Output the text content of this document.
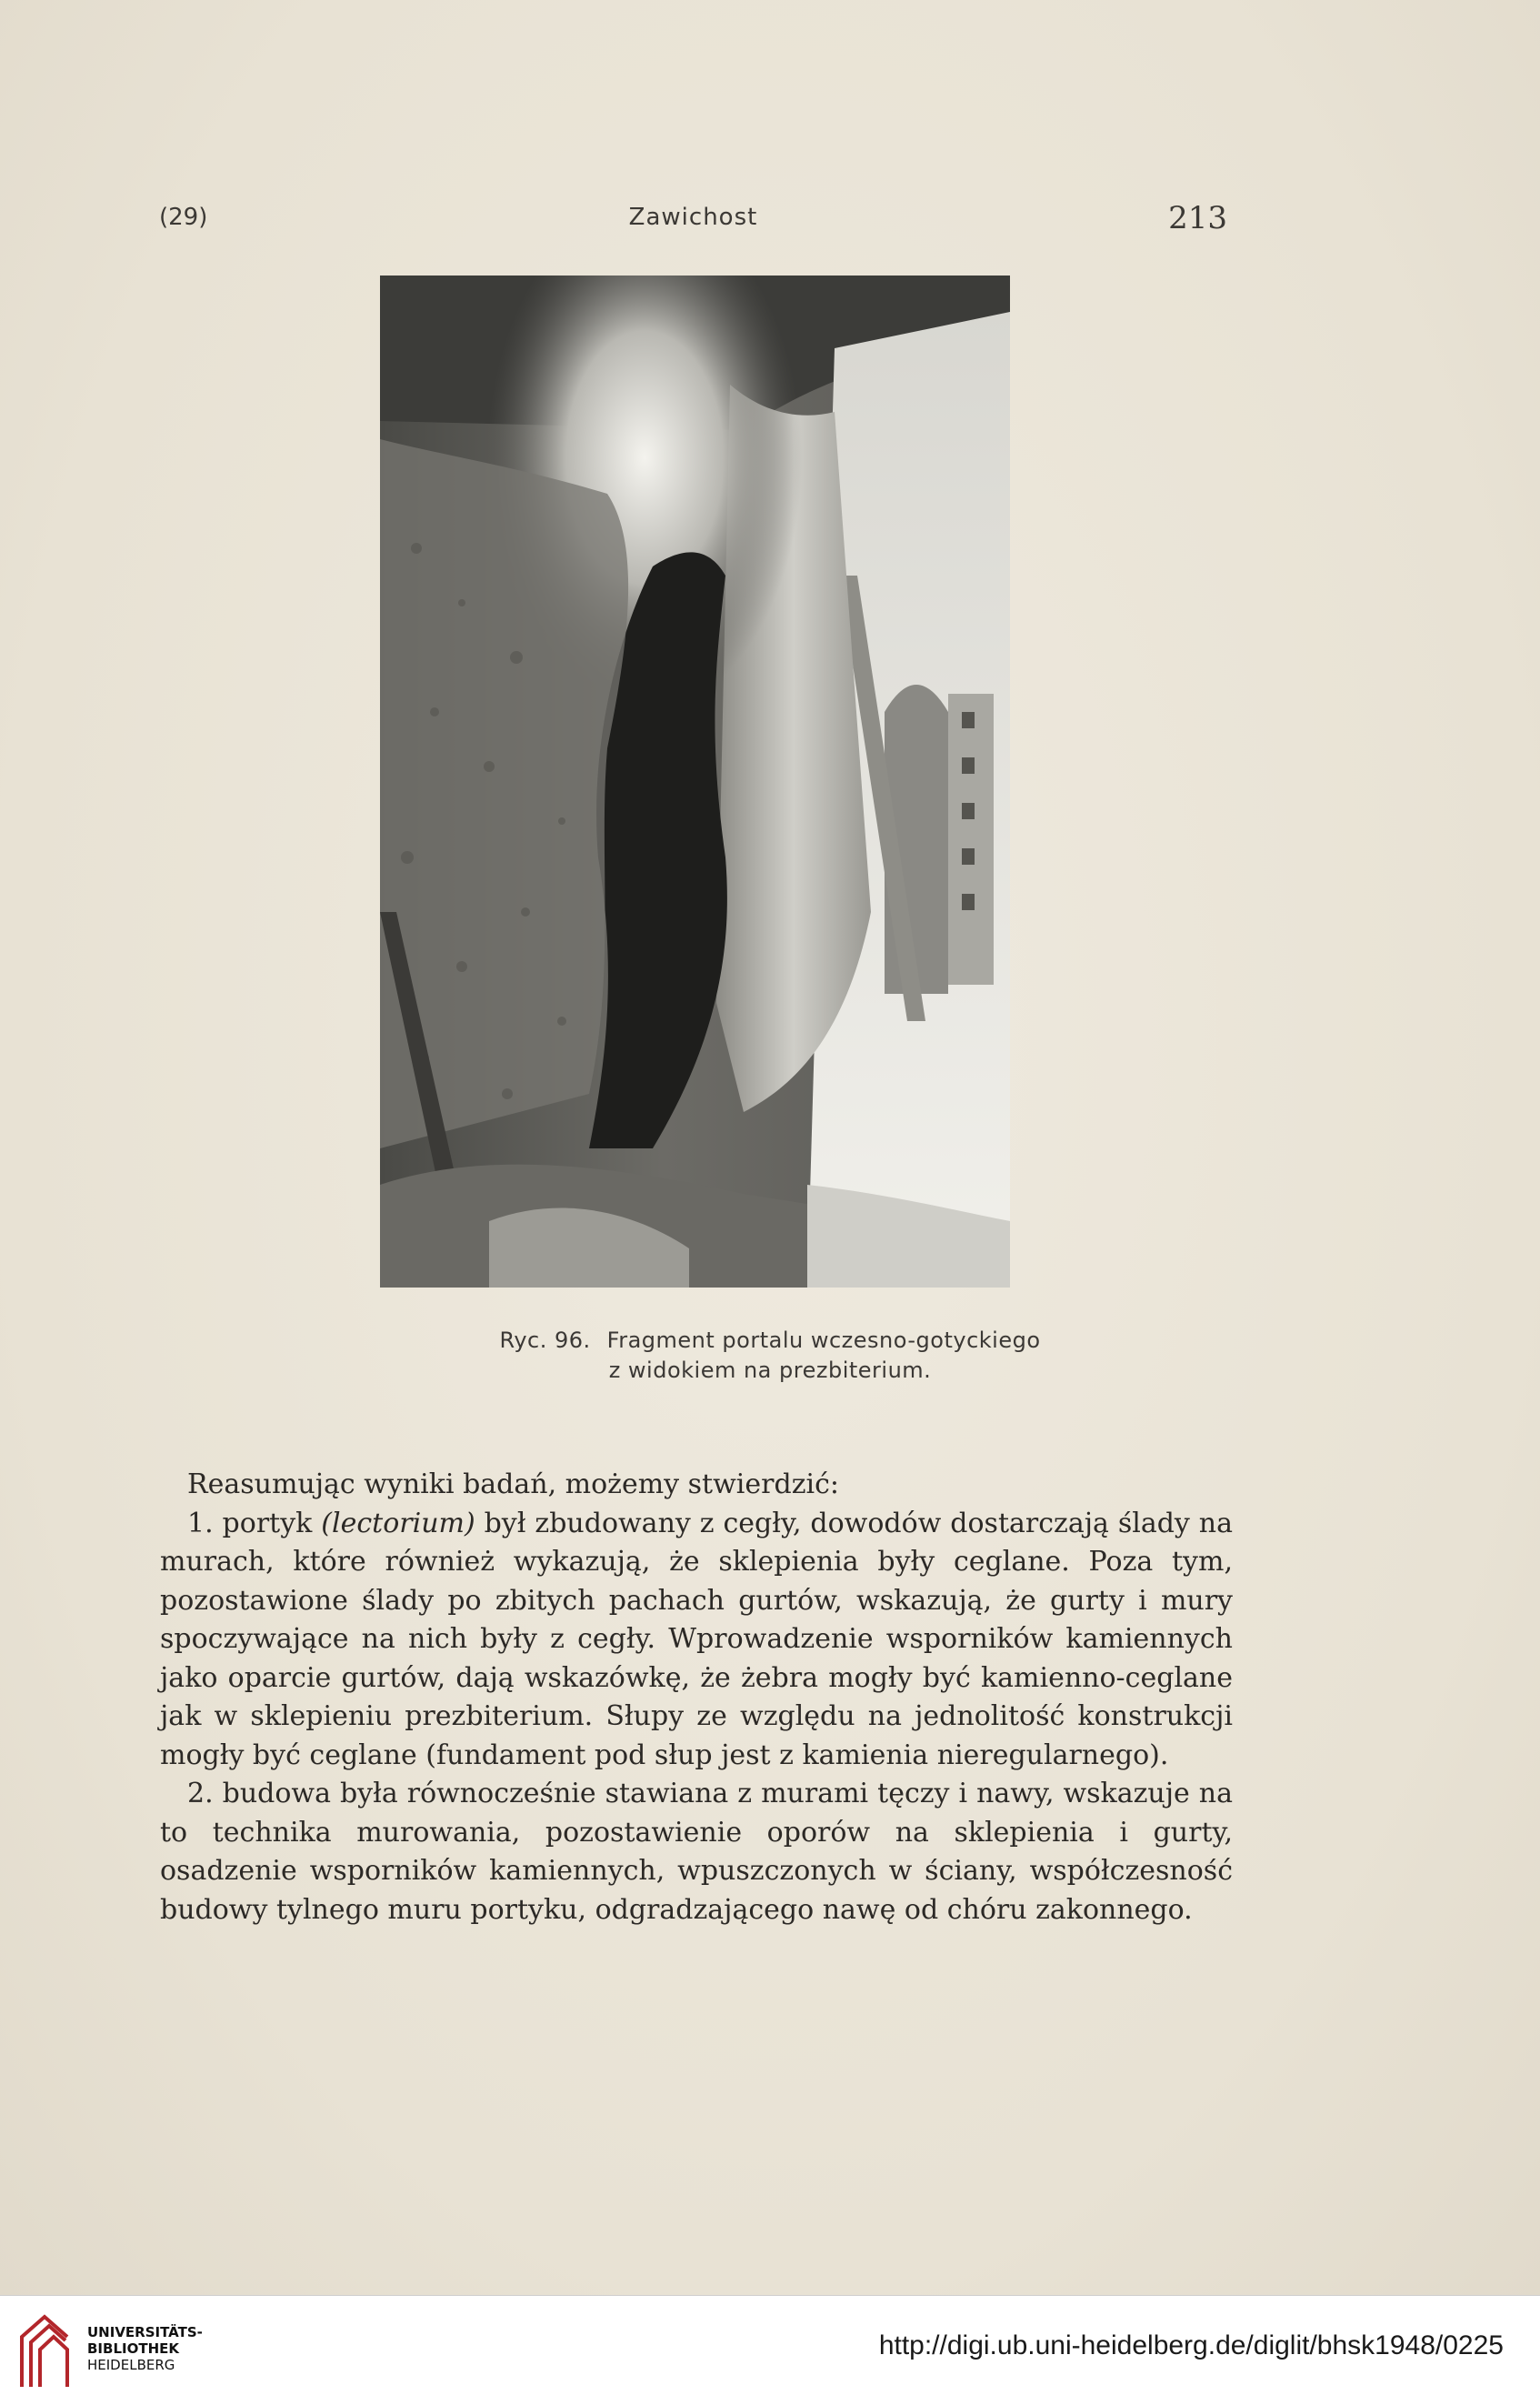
(29)	Zawichost	213
Ryc. 96. Fragment portalu wczesno-gotyckiego
z widokiem na prezbiterium.

Reasumując wyniki badań, możemy stwierdzić:

1. portyk (lectorium) był zbudowany z cegły, dowodów dostarczają ślady na murach, które również wykazują, że sklepienia były ceglane. Poza tym, pozostawione ślady po zbitych pachach gurtów, wskazują, że gurty i mury spoczywające na nich były z cegły. Wprowadzenie wsporników kamiennych jako oparcie gurtów, dają wskazówkę, że żebra mogły być kamienno-ceglane jak w sklepieniu prezbiterium. Słupy ze względu na jednolitość konstrukcji mogły być ceglane (fundament pod słup jest z kamienia nieregularnego).

2. budowa była równocześnie stawiana z murami tęczy i nawy, wskazuje na to technika murowania, pozostawienie oporów na sklepienia i gurty, osadzenie wsporników kamiennych, wpuszczonych w ściany, współczesność budowy tylnego muru portyku, odgradzającego nawę od chóru zakonnego.

UNIVERSITÄTS-
BIBLIOTHEK
HEIDELBERG
http://digi.ub.uni-heidelberg.de/diglit/bhsk1948/0225
